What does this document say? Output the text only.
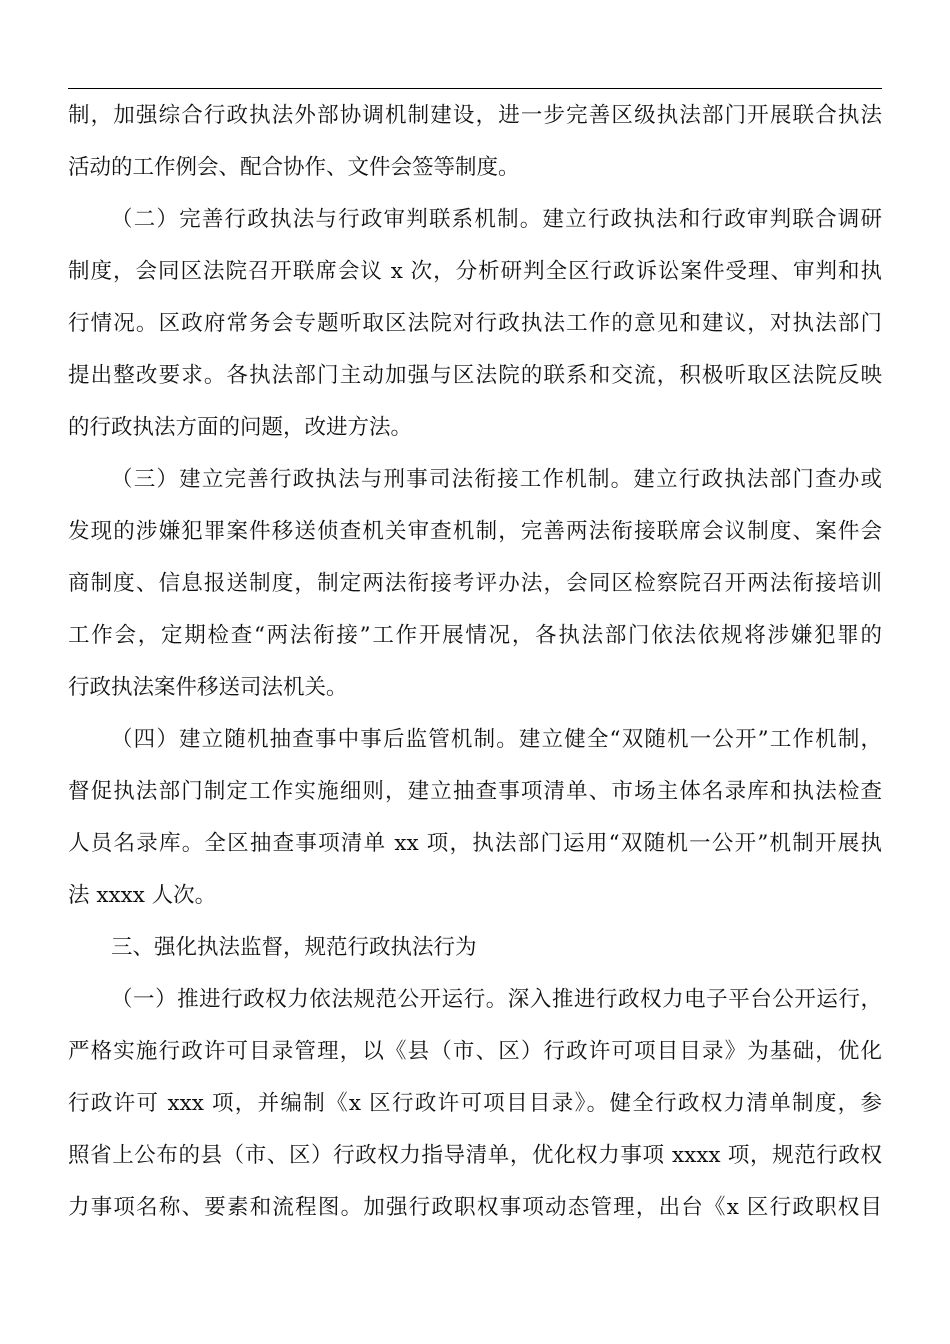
制，加强综合行政执法外部协调机制建设，进一步完善区级执法部门开展联合执法
活动的工作例会、配合协作、文件会签等制度。
（二）完善行政执法与行政审判联系机制。建立行政执法和行政审判联合调研
制度，会同区法院召开联席会议 x 次，分析研判全区行政诉讼案件受理、审判和执
行情况。区政府常务会专题听取区法院对行政执法工作的意见和建议，对执法部门
提出整改要求。各执法部门主动加强与区法院的联系和交流，积极听取区法院反映
的行政执法方面的问题，改进方法。
（三）建立完善行政执法与刑事司法衔接工作机制。建立行政执法部门查办或
发现的涉嫌犯罪案件移送侦查机关审查机制，完善两法衔接联席会议制度、案件会
商制度、信息报送制度，制定两法衔接考评办法，会同区检察院召开两法衔接培训
工作会，定期检查“两法衔接”工作开展情况，各执法部门依法依规将涉嫌犯罪的
行政执法案件移送司法机关。
（四）建立随机抽查事中事后监管机制。建立健全“双随机一公开”工作机制，
督促执法部门制定工作实施细则，建立抽查事项清单、市场主体名录库和执法检查
人员名录库。全区抽查事项清单 xx 项，执法部门运用“双随机一公开”机制开展执
法 xxxx 人次。
三、强化执法监督，规范行政执法行为
（一）推进行政权力依法规范公开运行。深入推进行政权力电子平台公开运行，
严格实施行政许可目录管理，以《县（市、区）行政许可项目目录》为基础，优化
行政许可 xxx 项，并编制《x 区行政许可项目目录》。健全行政权力清单制度，参
照省上公布的县（市、区）行政权力指导清单，优化权力事项 xxxx 项，规范行政权
力事项名称、要素和流程图。加强行政职权事项动态管理，出台《x 区行政职权目
